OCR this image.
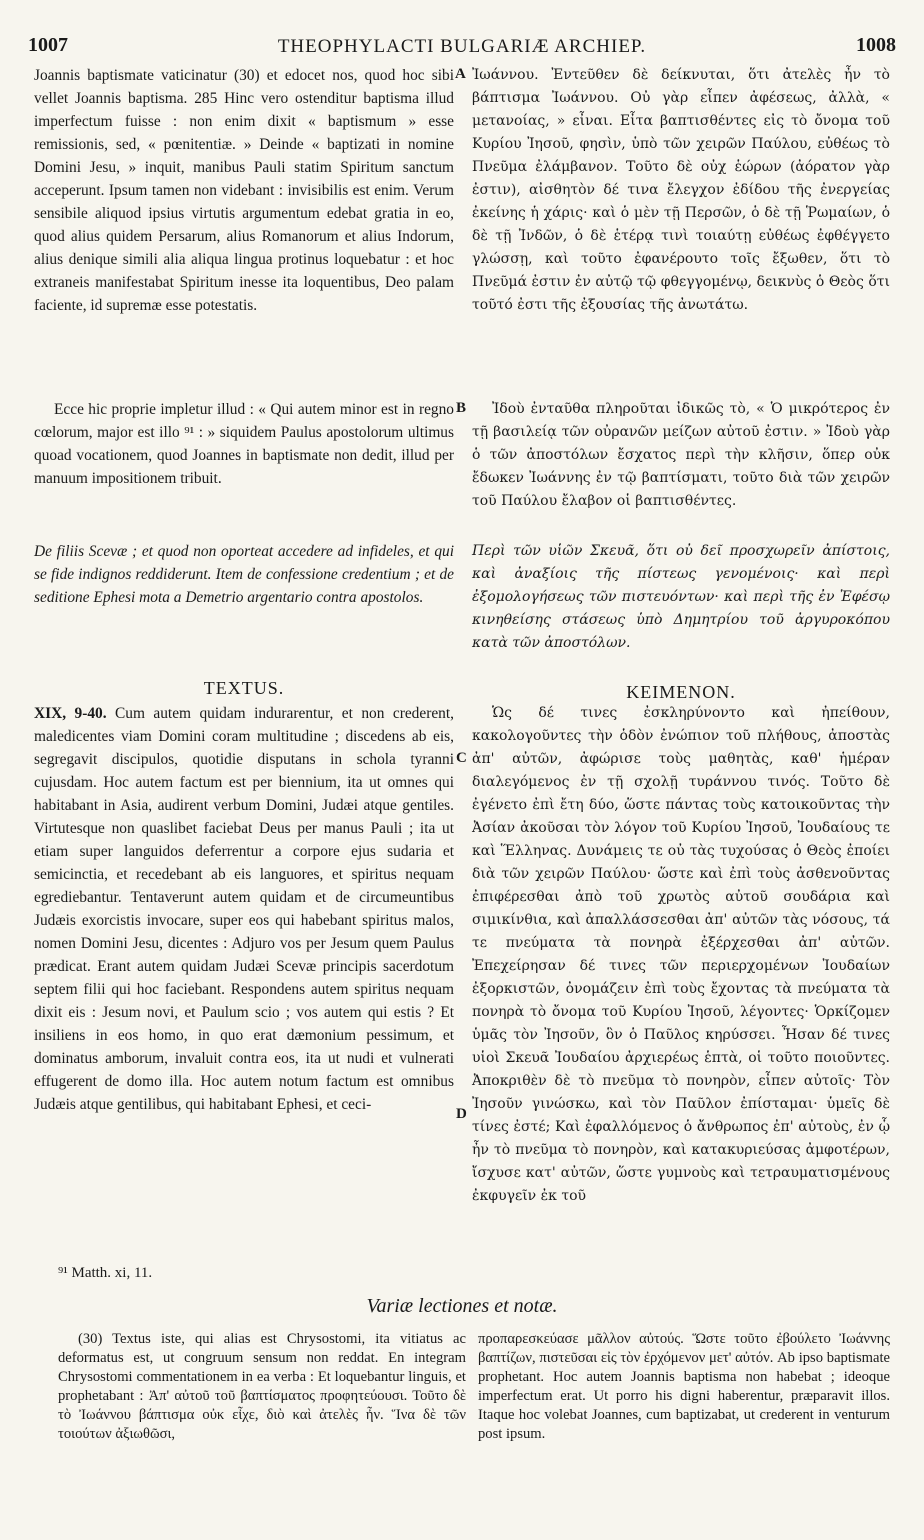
1007	THEOPHYLACTI BULGARIÆ ARCHIEP.	1008

Joannis baptismate vaticinatur (30) et edocet nos, quod hoc sibi vellet Joannis baptisma. 285 Hinc vero ostenditur baptisma illud imperfectum fuisse : non enim dixit « baptismum » esse remissionis, sed, « pœnitentiæ. » Deinde « baptizati in nomine Domini Jesu, » inquit, manibus Pauli statim Spiritum sanctum acceperunt. Ipsum tamen non videbant : invisibilis est enim. Verum sensibile aliquod ipsius virtutis argumentum edebat gratia in eo, quod alius quidem Persarum, alius Romanorum et alius Indorum, alius denique simili alia aliqua lingua protinus loquebatur : et hoc extraneis manifestabat Spiritum inesse ita loquentibus, Deo palam faciente, id supremæ esse potestatis.

A Ἰωάννου. Ἐντεῦθεν δὲ δείκνυται, ὅτι ἀτελὲς ἦν τὸ βάπτισμα Ἰωάννου. Οὐ γὰρ εἶπεν ἀφέσεως, ἀλλὰ, « μετανοίας, » εἶναι. Εἶτα βαπτισθέντες εἰς τὸ ὄνομα τοῦ Κυρίου Ἰησοῦ, φησὶν, ὑπὸ τῶν χειρῶν Παύλου, εὐθέως τὸ Πνεῦμα ἐλάμβανον. Τοῦτο δὲ οὐχ ἑώρων (ἀόρατον γὰρ ἐστιν), αἰσθητὸν δέ τινα ἔλεγχον ἐδίδου τῆς ἐνεργείας ἐκείνης ἡ χάρις· καὶ ὁ μὲν τῇ Περσῶν, ὁ δὲ τῇ Ῥωμαίων, ὁ δὲ τῇ Ἰνδῶν, ὁ δὲ ἑτέρᾳ τινὶ τοιαύτῃ εὐθέως ἐφθέγγετο γλώσσῃ, καὶ τοῦτο ἐφανέρουτο τοῖς ἔξωθεν, ὅτι τὸ Πνεῦμά ἐστιν ἐν αὐτῷ τῷ φθεγγομένῳ, δεικνὺς ὁ Θεὸς ὅτι τοῦτό ἐστι τῆς ἐξουσίας τῆς ἀνωτάτω.

Ecce hic proprie impletur illud : « Qui autem minor est in regno cœlorum, major est illo ⁹¹ : » siquidem Paulus apostolorum ultimus quoad vocationem, quod Joannes in baptismate non dedit, illud per manuum impositionem tribuit.

B	Ἰδοὺ ἐνταῦθα πληροῦται ἰδικῶς τὸ, « Ὁ μικρότερος ἐν τῇ βασιλείᾳ τῶν οὐρανῶν μείζων αὐτοῦ ἐστιν. » Ἰδοὺ γὰρ ὁ τῶν ἀποστόλων ἔσχατος περὶ τὴν κλῆσιν, ὅπερ οὐκ ἔδωκεν Ἰωάννης ἐν τῷ βαπτίσματι, τοῦτο διὰ τῶν χειρῶν τοῦ Παύλου ἔλαβον οἱ βαπτισθέντες.

De filiis Scevæ ; et quod non oporteat accedere ad infideles, et qui se fide indignos reddiderunt. Item de confessione credentium ; et de seditione Ephesi mota a Demetrio argentario contra apostolos.

Περὶ τῶν υἱῶν Σκευᾶ, ὅτι οὐ δεῖ προσχωρεῖν ἀπίστοις, καὶ ἀναξίοις τῆς πίστεως γενομένοις· καὶ περὶ ἐξομολογήσεως τῶν πιστευόντων· καὶ περὶ τῆς ἐν Ἐφέσῳ κινηθείσης στάσεως ὑπὸ Δημητρίου τοῦ ἀργυροκόπου κατὰ τῶν ἀποστόλων.

TEXTUS.	ΚΕΙΜΕΝΟΝ.

XIX, 9-40. Cum autem quidam indurarentur, et non crederent, maledicentes viam Domini coram multitudine ; discedens ab eis, segregavit discipulos, quotidie disputans in schola tyranni cujusdam. Hoc autem factum est per biennium, ita ut omnes qui habitabant in Asia, audirent verbum Domini, Judæi atque gentiles. Virtutesque non quaslibet faciebat Deus per manus Pauli ; ita ut etiam super languidos deferrentur a corpore ejus sudaria et semicinctia, et recedebant ab eis languores, et spiritus nequam egrediebantur. Tentaverunt autem quidam et de circumeuntibus Judæis exorcistis invocare, super eos qui habebant spiritus malos, nomen Domini Jesu, dicentes : Adjuro vos per Jesum quem Paulus prædicat. Erant autem quidam Judæi Scevæ principis sacerdotum septem filii qui hoc faciebant. Respondens autem spiritus nequam dixit eis : Jesum novi, et Paulum scio ; vos autem qui estis ? Et insiliens in eos homo, in quo erat dæmonium pessimum, et dominatus amborum, invaluit contra eos, ita ut nudi et vulnerati effugerent de domo illa. Hoc autem notum factum est omnibus Judæis atque gentilibus, qui habitabant Ephesi, et ceci-

C
D

Ὡς δέ τινες ἐσκληρύνοντο καὶ ἠπείθουν, κακολογοῦντες τὴν ὁδὸν ἐνώπιον τοῦ πλήθους, ἀποστὰς ἀπ' αὐτῶν, ἀφώρισε τοὺς μαθητὰς, καθ' ἡμέραν διαλεγόμενος ἐν τῇ σχολῇ τυράννου τινός. Τοῦτο δὲ ἐγένετο ἐπὶ ἔτη δύο, ὥστε πάντας τοὺς κατοικοῦντας τὴν Ἀσίαν ἀκοῦσαι τὸν λόγον τοῦ Κυρίου Ἰησοῦ, Ἰουδαίους τε καὶ Ἕλληνας. Δυνάμεις τε οὐ τὰς τυχούσας ὁ Θεὸς ἐποίει διὰ τῶν χειρῶν Παύλου· ὥστε καὶ ἐπὶ τοὺς ἀσθενοῦντας ἐπιφέρεσθαι ἀπὸ τοῦ χρωτὸς αὐτοῦ σουδάρια καὶ σιμικίνθια, καὶ ἀπαλλάσσεσθαι ἀπ' αὐτῶν τὰς νόσους, τά τε πνεύματα τὰ πονηρὰ ἐξέρχεσθαι ἀπ' αὐτῶν. Ἐπεχείρησαν δέ τινες τῶν περιερχομένων Ἰουδαίων ἐξορκιστῶν, ὀνομάζειν ἐπὶ τοὺς ἔχοντας τὰ πνεύματα τὰ πονηρὰ τὸ ὄνομα τοῦ Κυρίου Ἰησοῦ, λέγοντες· Ὁρκίζομεν ὑμᾶς τὸν Ἰησοῦν, ὃν ὁ Παῦλος κηρύσσει. Ἦσαν δέ τινες υἱοὶ Σκευᾶ Ἰουδαίου ἀρχιερέως ἑπτὰ, οἱ τοῦτο ποιοῦντες. Ἀποκριθὲν δὲ τὸ πνεῦμα τὸ πονηρὸν, εἶπεν αὐτοῖς· Τὸν Ἰησοῦν γινώσκω, καὶ τὸν Παῦλον ἐπίσταμαι· ὑμεῖς δὲ τίνες ἐστέ; Καὶ ἐφαλλόμενος ὁ ἄνθρωπος ἐπ' αὐτοὺς, ἐν ᾧ ἦν τὸ πνεῦμα τὸ πονηρὸν, καὶ κατακυριεύσας ἀμφοτέρων, ἴσχυσε κατ' αὐτῶν, ὥστε γυμνοὺς καὶ τετραυματισμένους ἐκφυγεῖν ἐκ τοῦ

⁹¹ Matth. xi, 11.
Variæ lectiones et notæ.

(30) Textus iste, qui alias est Chrysostomi, ita vitiatus ac deformatus est, ut congruum sensum non reddat. En integram Chrysostomi commentationem in ea verba : Et loquebantur linguis, et prophetabant : Ἀπ' αὐτοῦ τοῦ βαπτίσματος προφητεύουσι. Τοῦτο δὲ τὸ Ἰωάννου βάπτισμα οὐκ εἶχε, διὸ καὶ ἀτελὲς ἦν. Ἵνα δὲ τῶν τοιούτων ἀξιωθῶσι,

προπαρεσκεύασε μᾶλλον αὐτούς. Ὥστε τοῦτο ἐβούλετο Ἰωάννης βαπτίζων, πιστεῦσαι εἰς τὸν ἐρχόμενον μετ' αὐτόν. Ab ipso baptismate prophetant. Hoc autem Joannis baptisma non habebat ; ideoque imperfectum erat. Ut porro his digni haberentur, præparavit illos. Itaque hoc volebat Joannes, cum baptizabat, ut crederent in venturum post ipsum.
